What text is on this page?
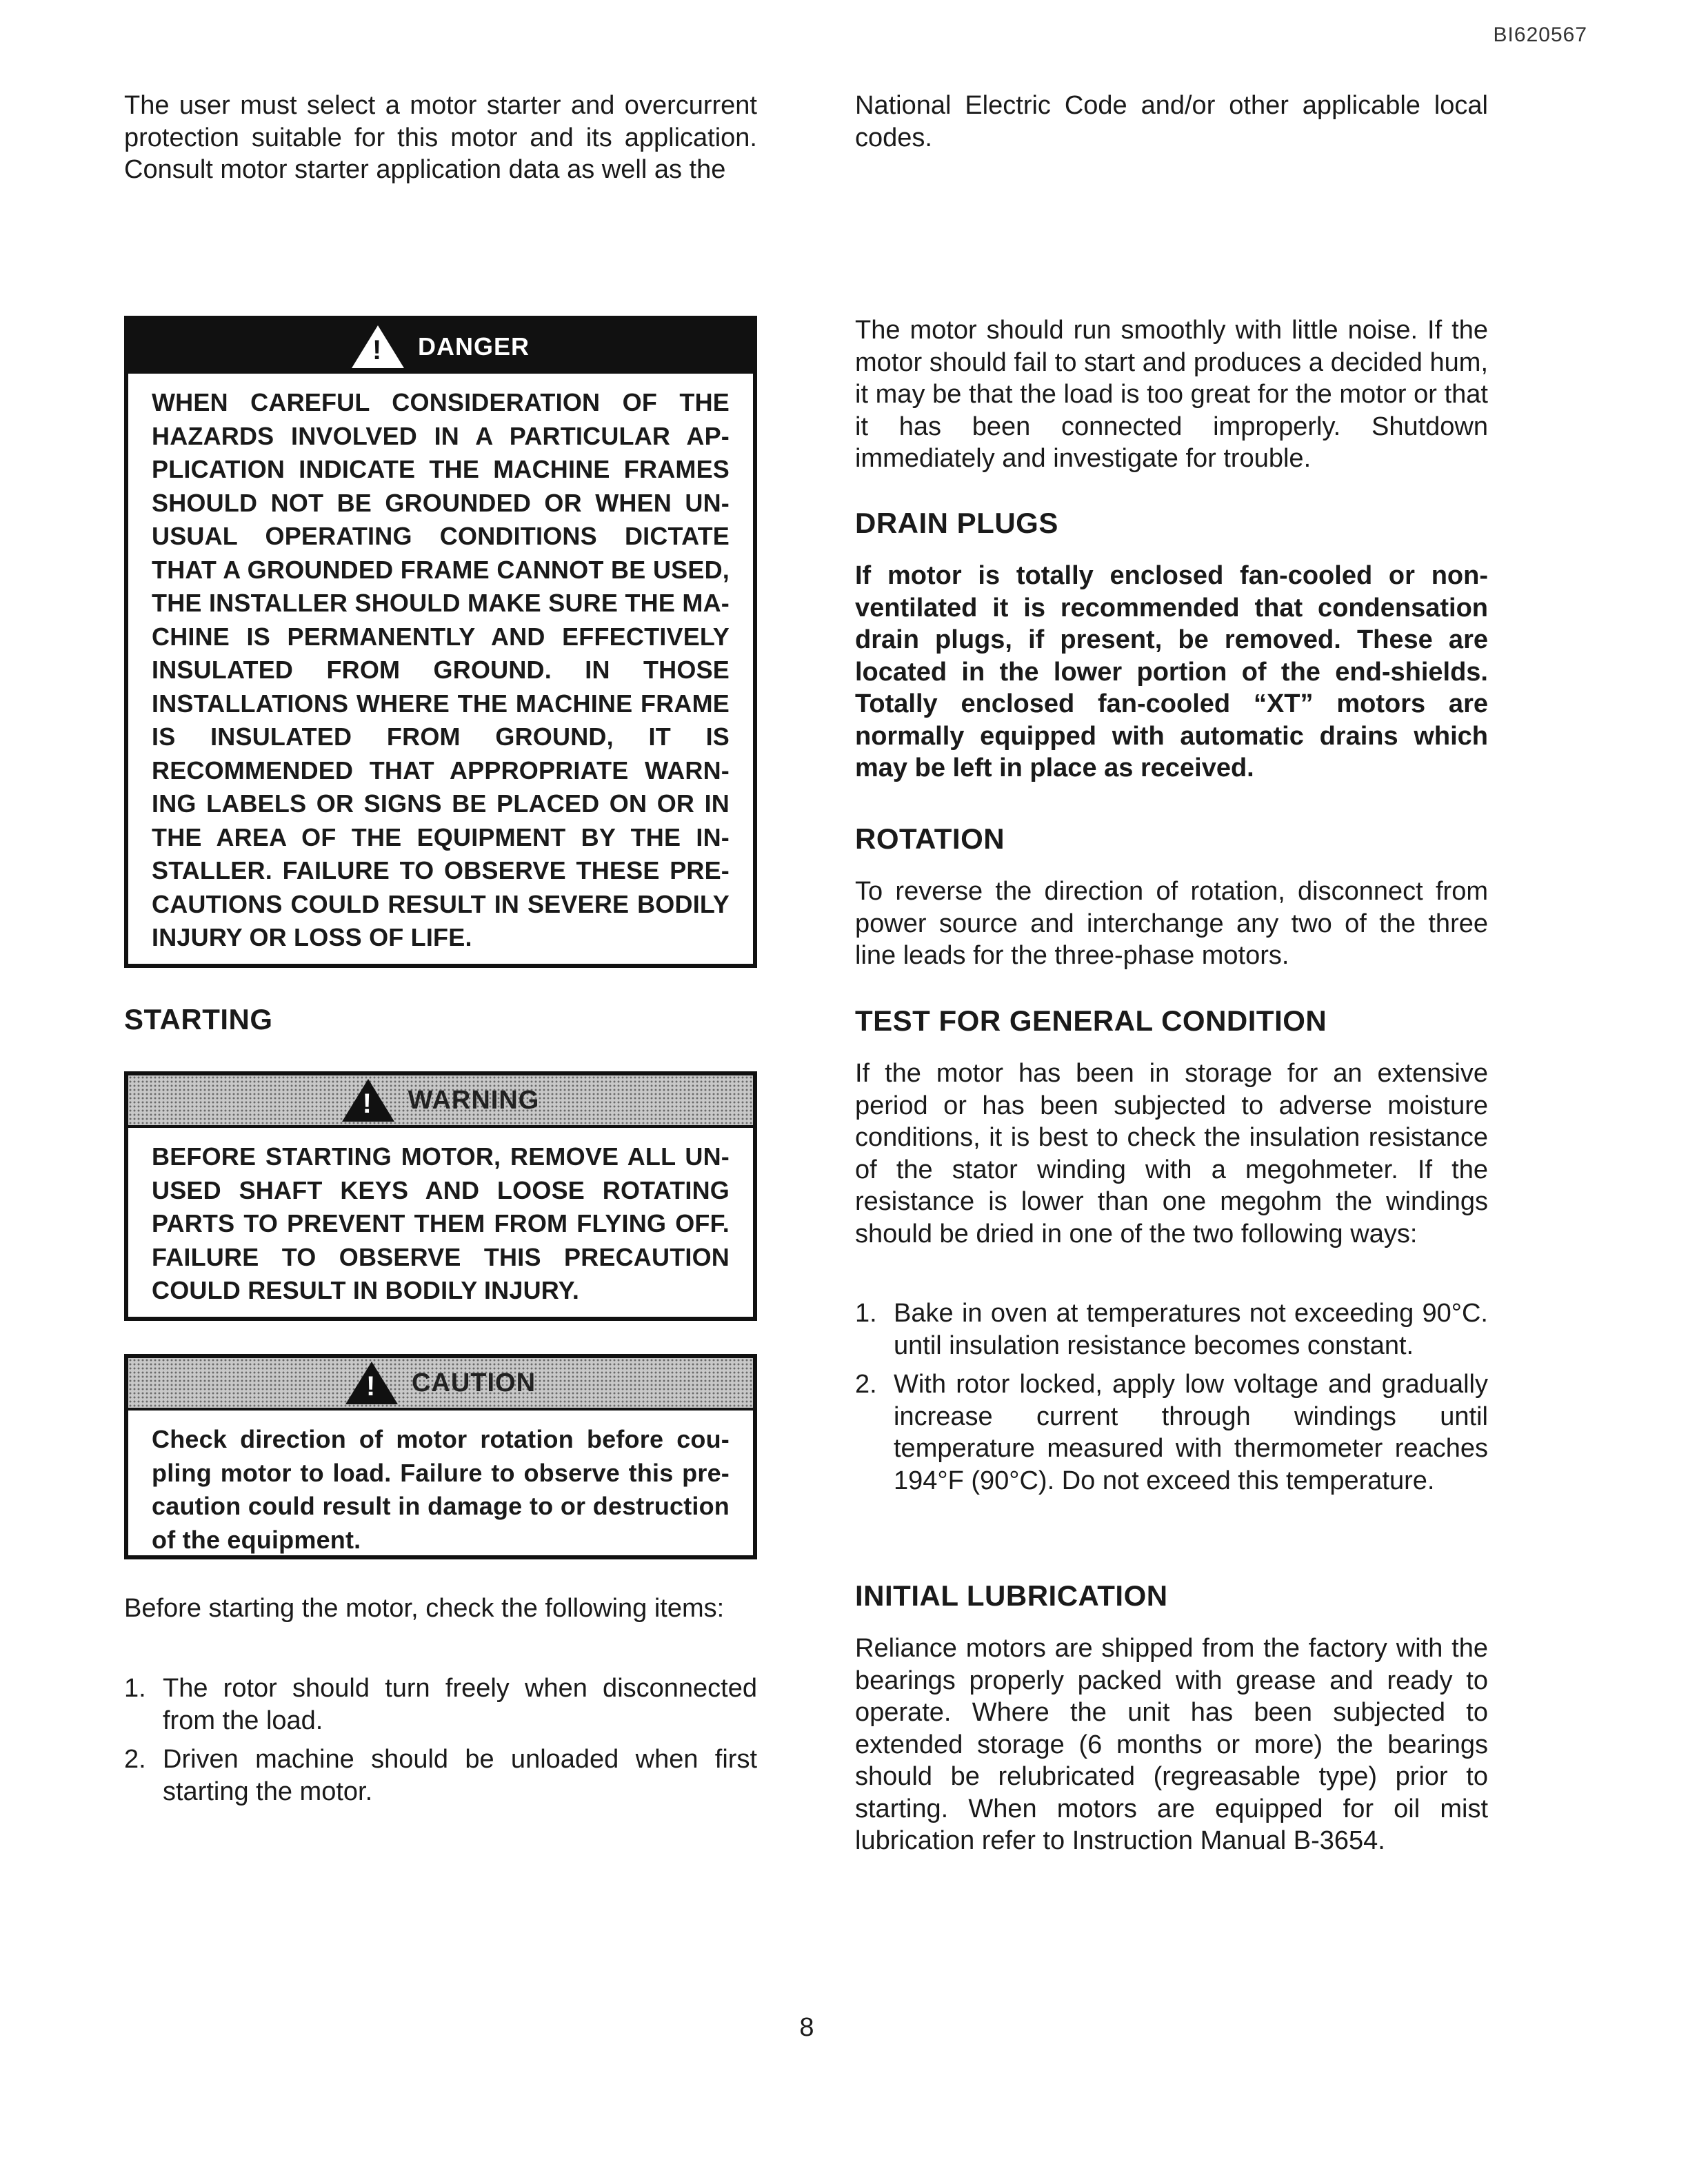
BI620567

The user must select a motor starter and overcurrent protection suitable for this motor and its application. Consult motor starter application data as well as the

!
DANGER
WHEN CAREFUL CONSIDERATION OF THE HAZARDS INVOLVED IN A PARTICULAR AP-PLICATION INDICATE THE MACHINE FRAMES SHOULD NOT BE GROUNDED OR WHEN UN-USUAL OPERATING CONDITIONS DICTATE THAT A GROUNDED FRAME CANNOT BE USED, THE INSTALLER SHOULD MAKE SURE THE MA-CHINE IS PERMANENTLY AND EFFECTIVELY INSULATED FROM GROUND. IN THOSE INSTALLATIONS WHERE THE MACHINE FRAME IS INSULATED FROM GROUND, IT IS RECOMMENDED THAT APPROPRIATE WARN-ING LABELS OR SIGNS BE PLACED ON OR IN THE AREA OF THE EQUIPMENT BY THE IN-STALLER. FAILURE TO OBSERVE THESE PRE-CAUTIONS COULD RESULT IN SEVERE BODILY INJURY OR LOSS OF LIFE.
STARTING
!
WARNING
BEFORE STARTING MOTOR, REMOVE ALL UN-USED SHAFT KEYS AND LOOSE ROTATING PARTS TO PREVENT THEM FROM FLYING OFF. FAILURE TO OBSERVE THIS PRECAUTION COULD RESULT IN BODILY INJURY.
!
CAUTION
Check direction of motor rotation before cou-pling motor to load. Failure to observe this pre-caution could result in damage to or destruction of the equipment.

Before starting the motor, check the following items:

1. The rotor should turn freely when disconnected from the load.
2. Driven machine should be unloaded when first starting the motor.

National Electric Code and/or other applicable local codes.

The motor should run smoothly with little noise. If the motor should fail to start and produces a decided hum, it may be that the load is too great for the motor or that it has been connected improperly. Shutdown immediately and investigate for trouble.

DRAIN PLUGS

If motor is totally enclosed fan-cooled or non-ventilated it is recommended that condensation drain plugs, if present, be removed. These are located in the lower portion of the end-shields. Totally enclosed fan-cooled “XT” motors are normally equipped with automatic drains which may be left in place as received.

ROTATION

To reverse the direction of rotation, disconnect from power source and interchange any two of the three line leads for the three-phase motors.

TEST FOR GENERAL CONDITION

If the motor has been in storage for an extensive period or has been subjected to adverse moisture conditions, it is best to check the insulation resistance of the stator winding with a megohmeter. If the resistance is lower than one megohm the windings should be dried in one of the two following ways:

1. Bake in oven at temperatures not exceeding 90°C. until insulation resistance becomes constant.
2. With rotor locked, apply low voltage and gradually increase current through windings until temperature measured with thermometer reaches 194°F (90°C). Do not exceed this temperature.
INITIAL LUBRICATION

Reliance motors are shipped from the factory with the bearings properly packed with grease and ready to operate. Where the unit has been subjected to extended storage (6 months or more) the bearings should be relubricated (regreasable type) prior to starting. When motors are equipped for oil mist lubrication refer to Instruction Manual B-3654.

8
